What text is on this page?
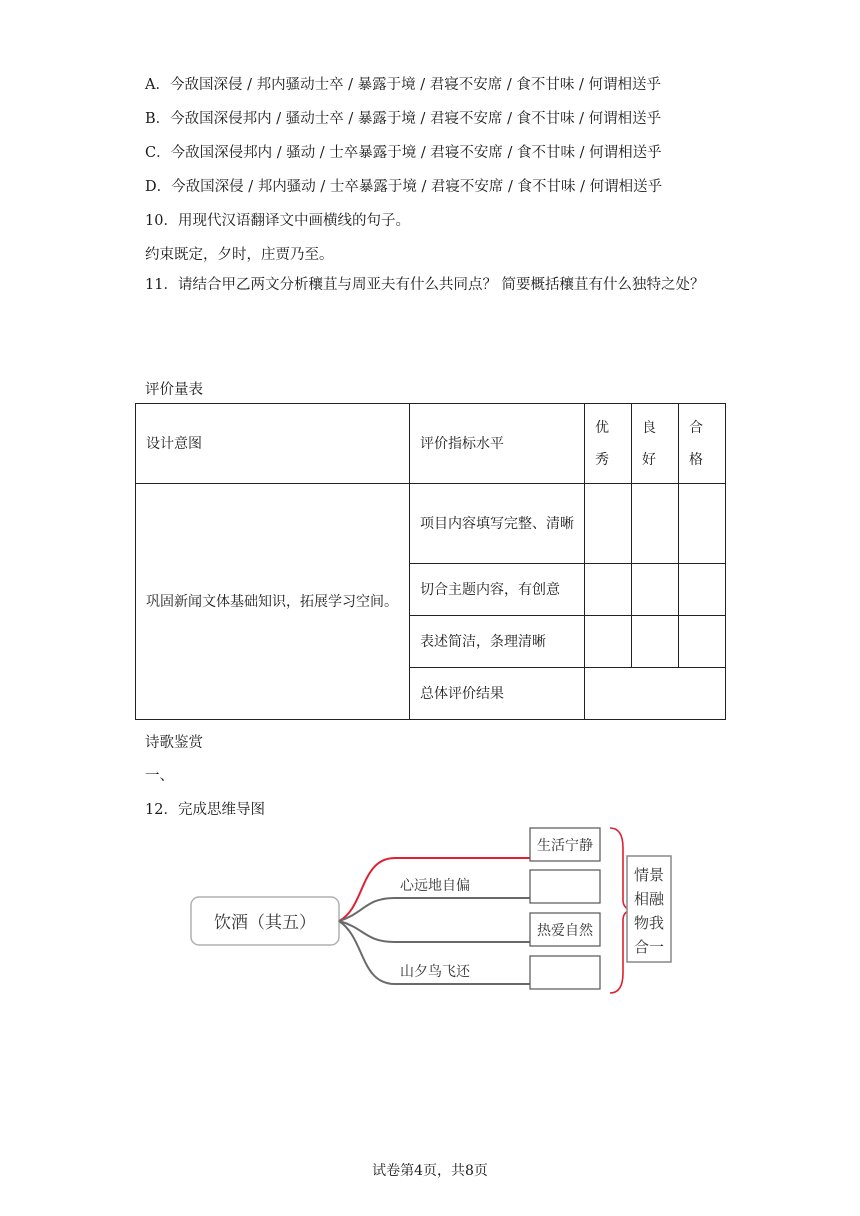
A．今敌国深侵 / 邦内骚动士卒 / 暴露于境 / 君寝不安席 / 食不甘味 / 何谓相送乎
B．今敌国深侵邦内 / 骚动士卒 / 暴露于境 / 君寝不安席 / 食不甘味 / 何谓相送乎
C．今敌国深侵邦内 / 骚动 / 士卒暴露于境 / 君寝不安席 / 食不甘味 / 何谓相送乎
D．今敌国深侵 / 邦内骚动 / 士卒暴露于境 / 君寝不安席 / 食不甘味 / 何谓相送乎
10．用现代汉语翻译文中画横线的句子。
约束既定，夕时，庄贾乃至。
11．请结合甲乙两文分析穰苴与周亚夫有什么共同点？ 简要概括穰苴有什么独特之处？
评价量表
设计意图	评价指标水平	优秀	良好	合格
巩固新闻文体基础知识，拓展学习空间。	项目内容填写完整、清晰			
	切合主题内容，有创意			
	表述简洁，条理清晰			
	总体评价结果			
诗歌鉴赏
一、
12．完成思维导图
饮酒（其五）
心远地自偏
山夕鸟飞还
生活宁静
热爱自然
情景
相融
物我
合一
试卷第4页，共8页
